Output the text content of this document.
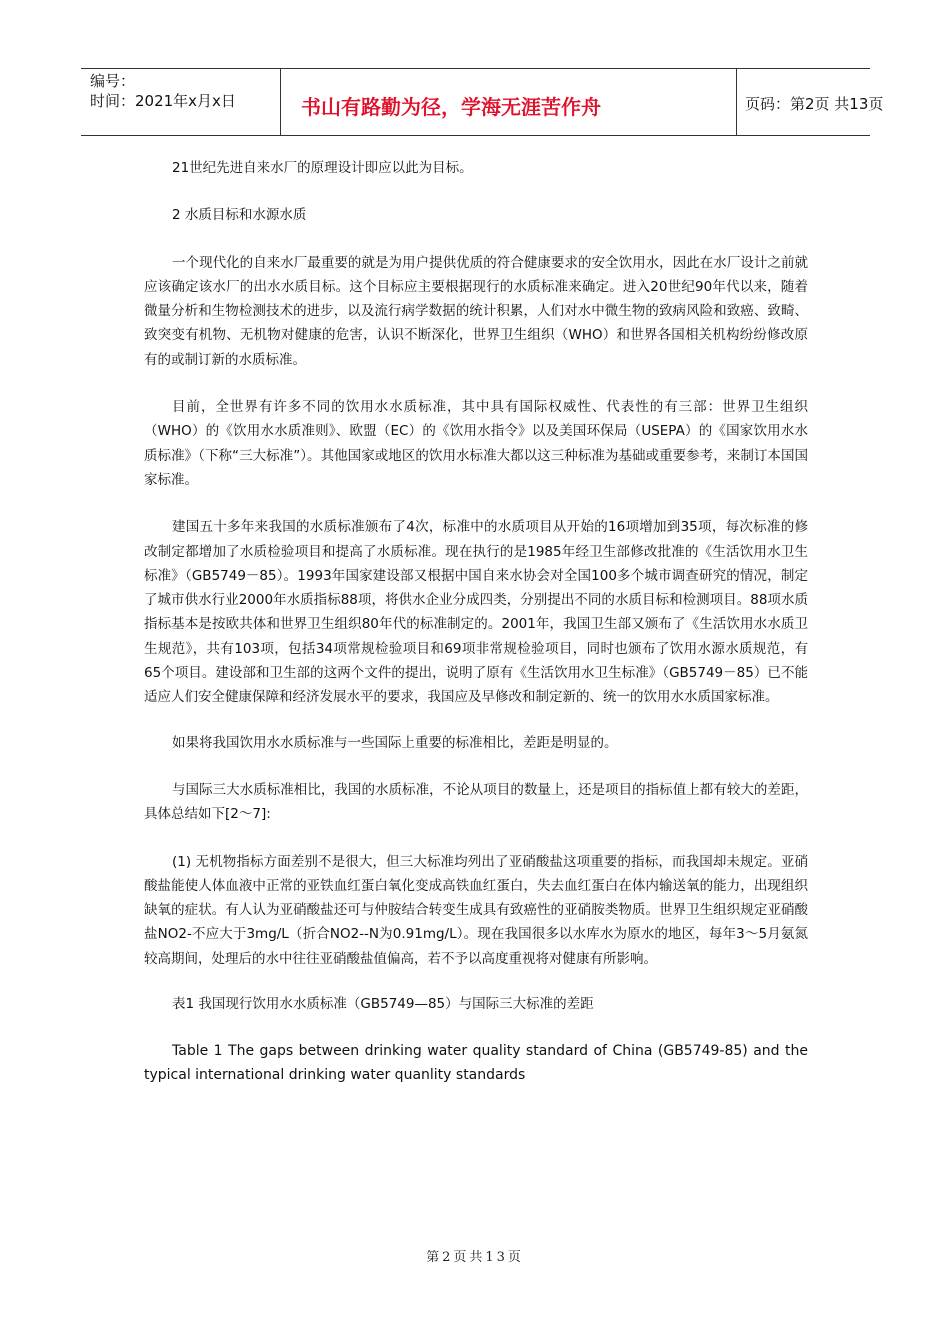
编号：
时间：2021年x月x日	书山有路勤为径，学海无涯苦作舟	页码：第2页 共13页

21世纪先进自来水厂的原理设计即应以此为目标。

2 水质目标和水源水质

一个现代化的自来水厂最重要的就是为用户提供优质的符合健康要求的安全饮用水，因此在水厂设计之前就应该确定该水厂的出水水质目标。这个目标应主要根据现行的水质标准来确定。进入20世纪90年代以来，随着微量分析和生物检测技术的进步，以及流行病学数据的统计积累，人们对水中微生物的致病风险和致癌、致畸、致突变有机物、无机物对健康的危害，认识不断深化，世界卫生组织（WHO）和世界各国相关机构纷纷修改原有的或制订新的水质标准。

目前，全世界有许多不同的饮用水水质标准，其中具有国际权威性、代表性的有三部：世界卫生组织（WHO）的《饮用水水质准则》、欧盟（EC）的《饮用水指令》以及美国环保局（USEPA）的《国家饮用水水质标准》（下称“三大标准”）。其他国家或地区的饮用水标准大都以这三种标准为基础或重要参考，来制订本国国家标准。

建国五十多年来我国的水质标准颁布了4次，标准中的水质项目从开始的16项增加到35项，每次标准的修改制定都增加了水质检验项目和提高了水质标准。现在执行的是1985年经卫生部修改批准的《生活饮用水卫生标准》（GB5749－85）。1993年国家建设部又根据中国自来水协会对全国100多个城市调查研究的情况，制定了城市供水行业2000年水质指标88项，将供水企业分成四类，分别提出不同的水质目标和检测项目。88项水质指标基本是按欧共体和世界卫生组织80年代的标准制定的。2001年，我国卫生部又颁布了《生活饮用水水质卫生规范》，共有103项，包括34项常规检验项目和69项非常规检验项目，同时也颁布了饮用水源水质规范，有65个项目。建设部和卫生部的这两个文件的提出，说明了原有《生活饮用水卫生标准》（GB5749－85）已不能适应人们安全健康保障和经济发展水平的要求，我国应及早修改和制定新的、统一的饮用水水质国家标准。

如果将我国饮用水水质标准与一些国际上重要的标准相比，差距是明显的。

与国际三大水质标准相比，我国的水质标准，不论从项目的数量上，还是项目的指标值上都有较大的差距，具体总结如下[2～7]:

(1) 无机物指标方面差别不是很大，但三大标准均列出了亚硝酸盐这项重要的指标，而我国却未规定。亚硝酸盐能使人体血液中正常的亚铁血红蛋白氧化变成高铁血红蛋白，失去血红蛋白在体内输送氧的能力，出现组织缺氧的症状。有人认为亚硝酸盐还可与仲胺结合转变生成具有致癌性的亚硝胺类物质。世界卫生组织规定亚硝酸盐NO2-不应大于3mg/L（折合NO2--N为0.91mg/L）。现在我国很多以水库水为原水的地区，每年3～5月氨氮较高期间，处理后的水中往往亚硝酸盐值偏高，若不予以高度重视将对健康有所影响。

表1 我国现行饮用水水质标准（GB5749—85）与国际三大标准的差距

Table 1 The gaps between drinking water quality standard of China (GB5749-85) and the typical international drinking water quanlity standards

第2页共13页
